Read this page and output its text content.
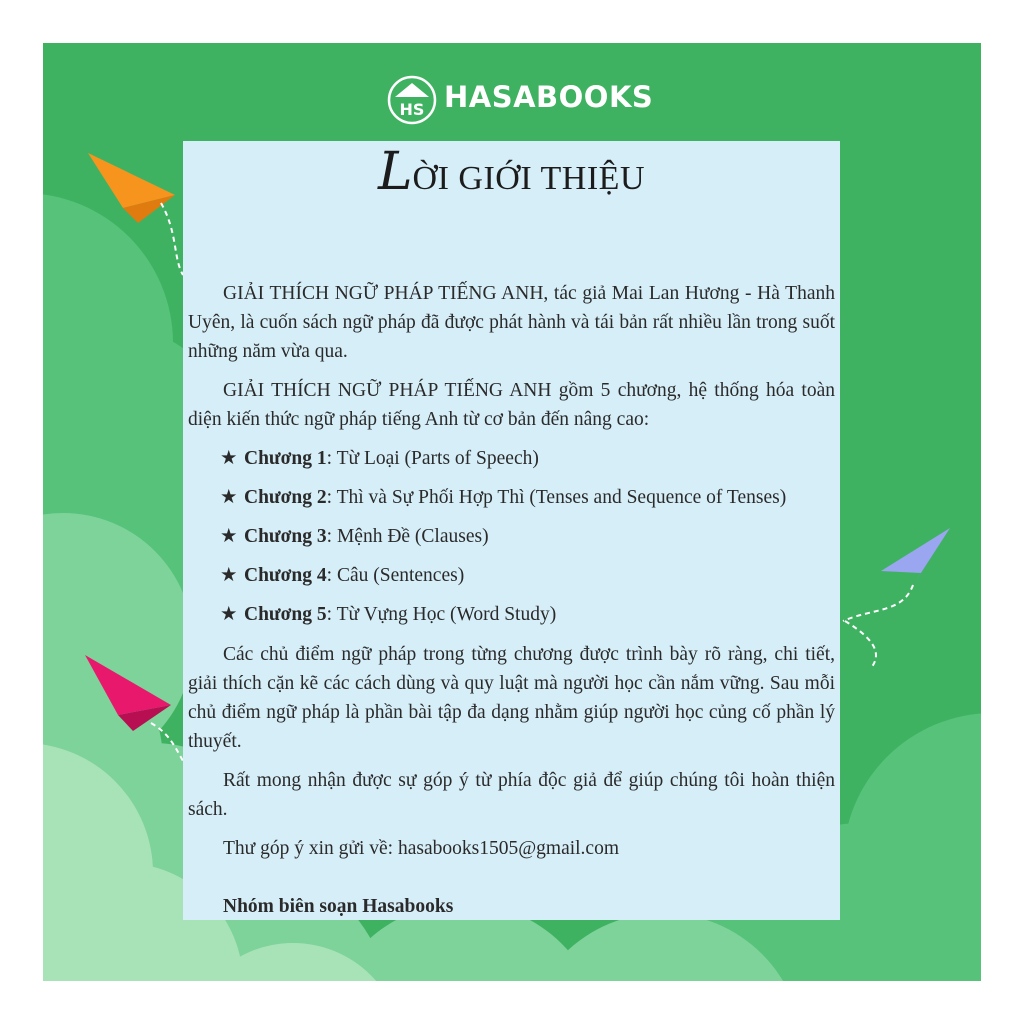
HS HASABOOKS
LỜI GIỚI THIỆU
GIẢI THÍCH NGỮ PHÁP TIẾNG ANH, tác giả Mai Lan Hương - Hà Thanh Uyên, là cuốn sách ngữ pháp đã được phát hành và tái bản rất nhiều lần trong suốt những năm vừa qua.
GIẢI THÍCH NGỮ PHÁP TIẾNG ANH gồm 5 chương, hệ thống hóa toàn diện kiến thức ngữ pháp tiếng Anh từ cơ bản đến nâng cao:
★ Chương 1: Từ Loại (Parts of Speech)
★ Chương 2: Thì và Sự Phối Hợp Thì (Tenses and Sequence of Tenses)
★ Chương 3: Mệnh Đề (Clauses)
★ Chương 4: Câu (Sentences)
★ Chương 5: Từ Vựng Học (Word Study)
Các chủ điểm ngữ pháp trong từng chương được trình bày rõ ràng, chi tiết, giải thích cặn kẽ các cách dùng và quy luật mà người học cần nắm vững. Sau mỗi chủ điểm ngữ pháp là phần bài tập đa dạng nhằm giúp người học củng cố phần lý thuyết.
Rất mong nhận được sự góp ý từ phía độc giả để giúp chúng tôi hoàn thiện sách.
Thư góp ý xin gửi về: hasabooks1505@gmail.com
Nhóm biên soạn Hasabooks
